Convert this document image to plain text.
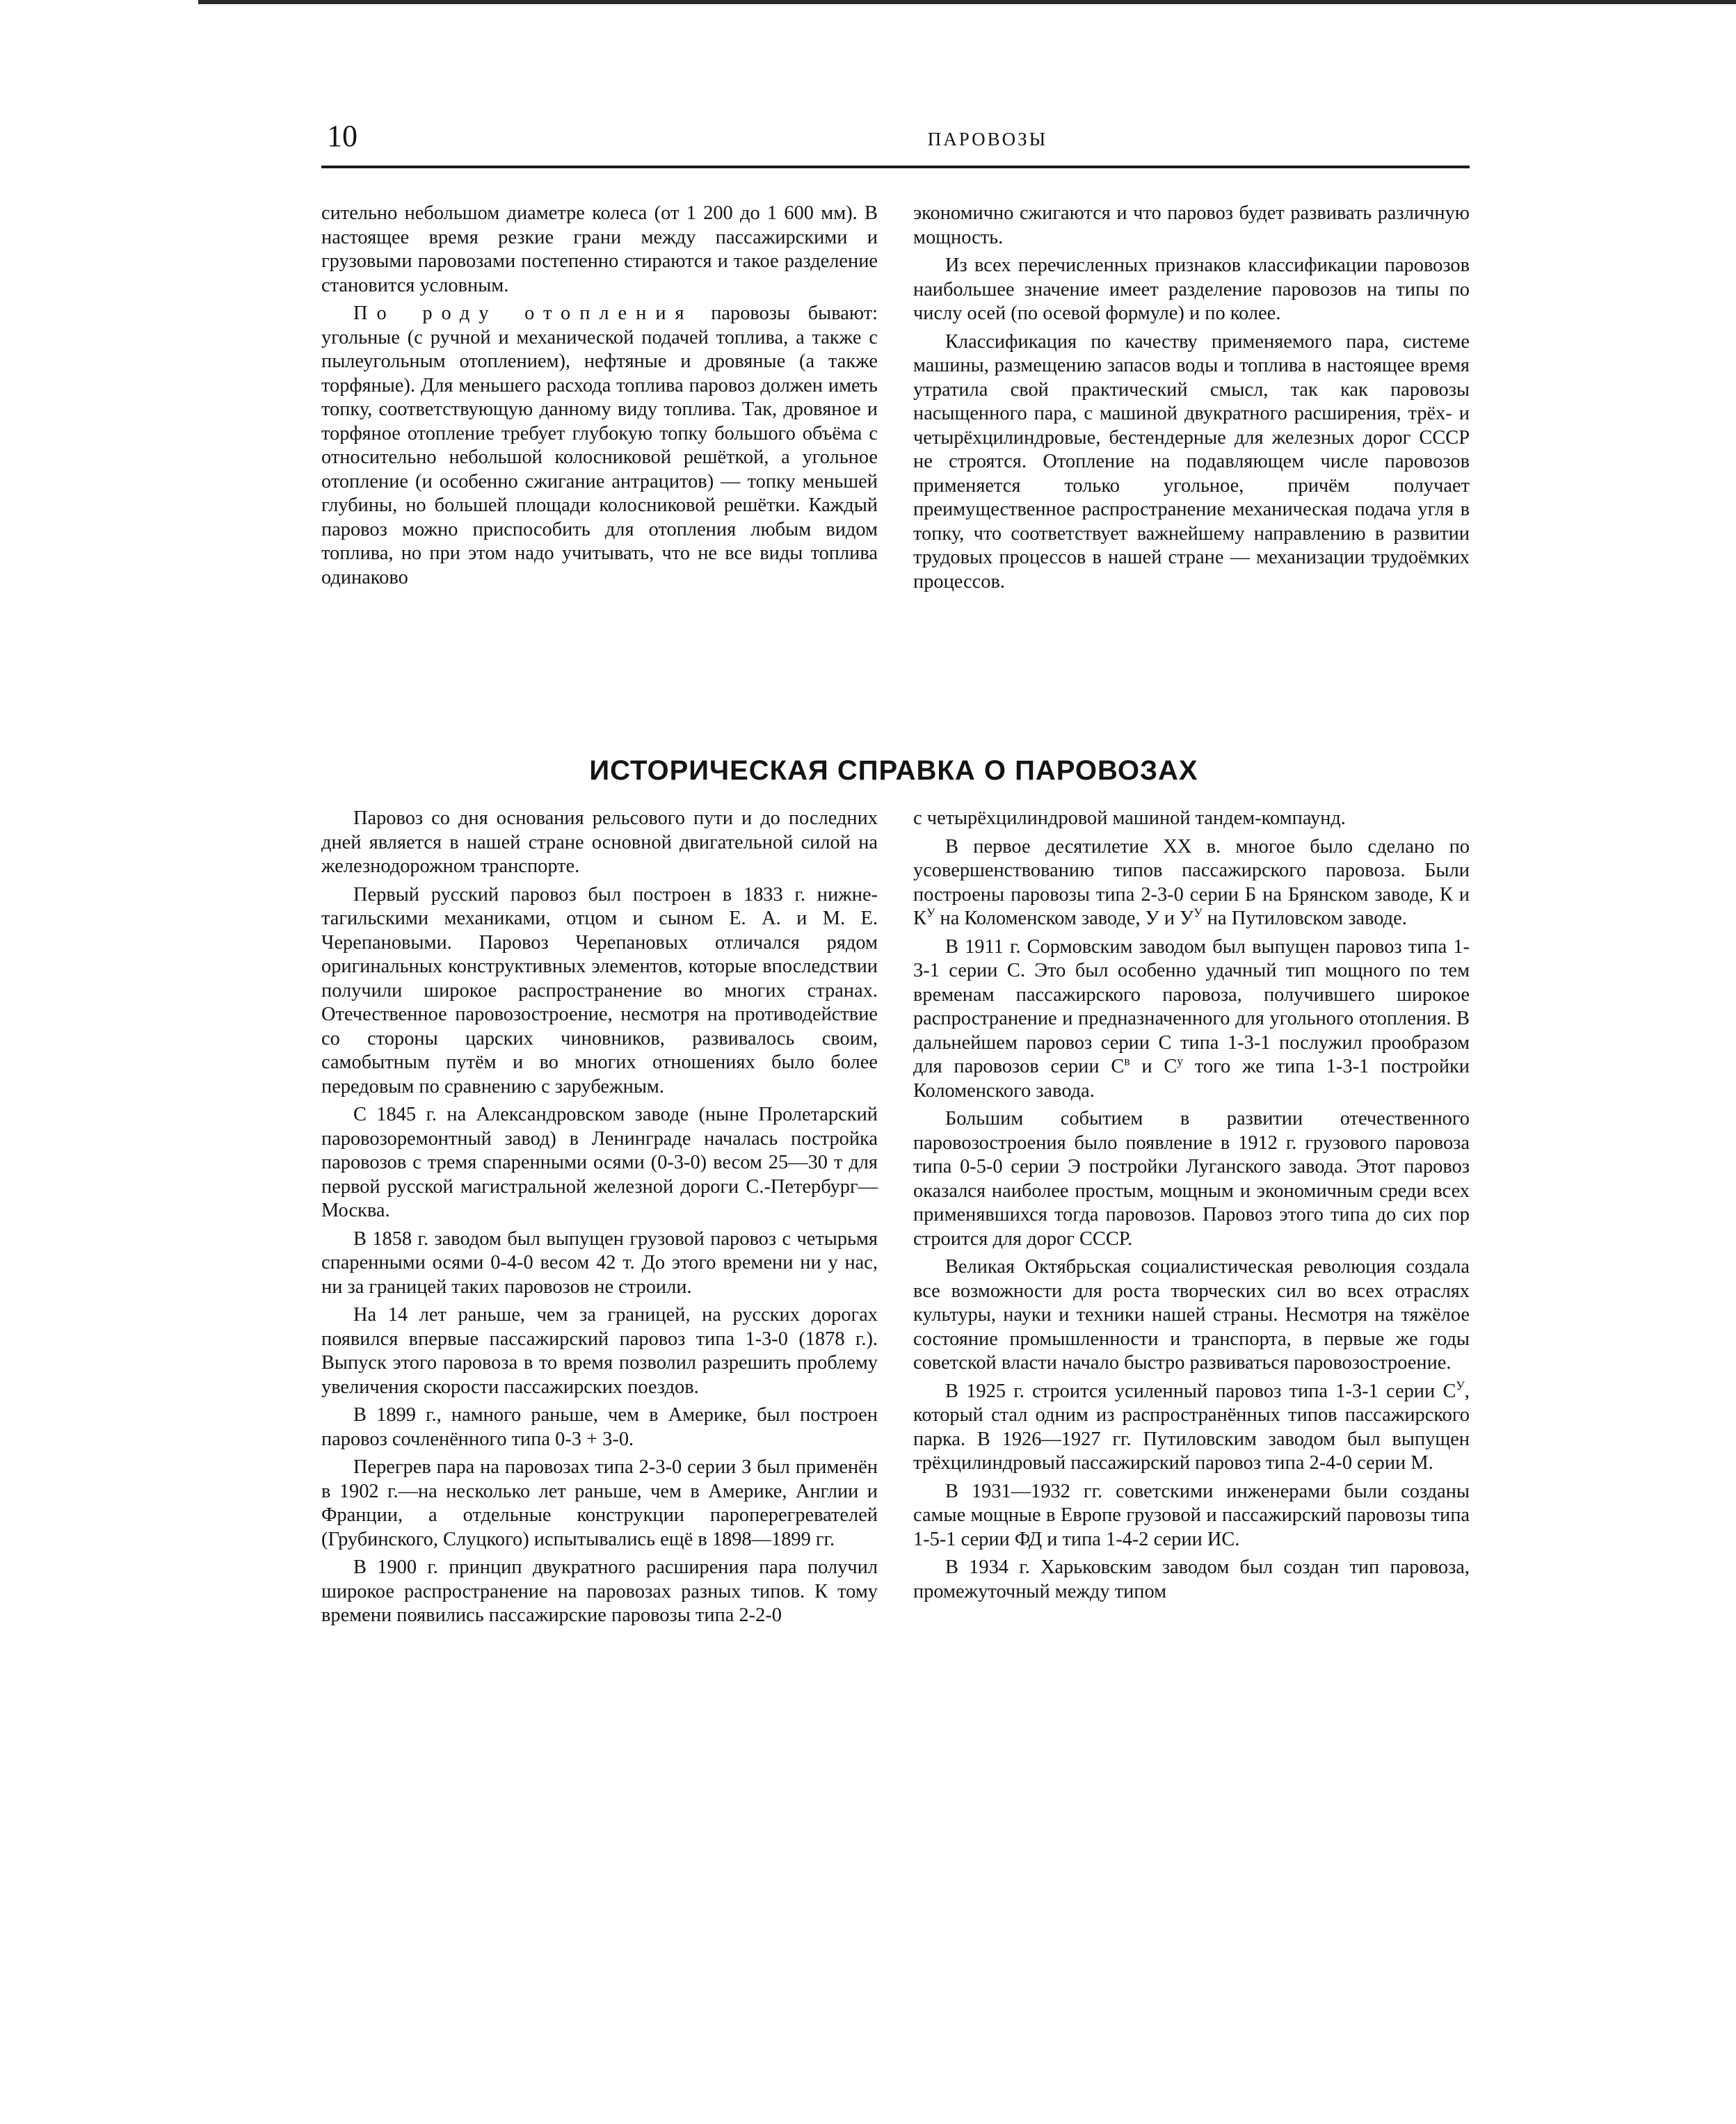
10	ПАРОВОЗЫ

сительно небольшом диаметре колеса (от 1 200 до 1 600 мм). В настоящее время резкие грани между пассажирскими и грузовыми паровозами постепенно стираются и такое разделение становится условным.

По роду отопления паровозы бывают: угольные (с ручной и механической подачей топлива, а также с пылеугольным отоплением), нефтяные и дровяные (а также торфяные). Для меньшего расхода топлива паровоз должен иметь топку, соответствующую данному виду топлива. Так, дровяное и торфяное отопление требует глубокую топку большого объёма с относительно небольшой колосниковой решёткой, а угольное отопление (и особенно сжигание антрацитов) — топку меньшей глубины, но большей площади колосниковой решётки. Каждый паровоз можно приспособить для отопления любым видом топлива, но при этом надо учитывать, что не все виды топлива одинаково

экономично сжигаются и что паровоз будет развивать различную мощность.

Из всех перечисленных признаков классификации паровозов наибольшее значение имеет разделение паровозов на типы по числу осей (по осевой формуле) и по колее.

Классификация по качеству применяемого пара, системе машины, размещению запасов воды и топлива в настоящее время утратила свой практический смысл, так как паровозы насыщенного пара, с машиной двукратного расширения, трёх- и четырёхцилиндровые, бестендерные для железных дорог СССР не строятся. Отопление на подавляющем числе паровозов применяется только угольное, причём получает преимущественное распространение механическая подача угля в топку, что соответствует важнейшему направлению в развитии трудовых процессов в нашей стране — механизации трудоёмких процессов.

ИСТОРИЧЕСКАЯ СПРАВКА О ПАРОВОЗАХ

Паровоз со дня основания рельсового пути и до последних дней является в нашей стране основной двигательной силой на железнодорожном транспорте.

Первый русский паровоз был построен в 1833 г. нижне-тагильскими механиками, отцом и сыном Е. А. и М. Е. Черепановыми. Паровоз Черепановых отличался рядом оригинальных конструктивных элементов, которые впоследствии получили широкое распространение во многих странах. Отечественное паровозостроение, несмотря на противодействие со стороны царских чиновников, развивалось своим, самобытным путём и во многих отношениях было более передовым по сравнению с зарубежным.

С 1845 г. на Александровском заводе (ныне Пролетарский паровозоремонтный завод) в Ленинграде началась постройка паровозов с тремя спаренными осями (0-3-0) весом 25—30 т для первой русской магистральной железной дороги С.-Петербург—Москва.

В 1858 г. заводом был выпущен грузовой паровоз с четырьмя спаренными осями 0-4-0 весом 42 т. До этого времени ни у нас, ни за границей таких паровозов не строили.

На 14 лет раньше, чем за границей, на русских дорогах появился впервые пассажирский паровоз типа 1-3-0 (1878 г.). Выпуск этого паровоза в то время позволил разрешить проблему увеличения скорости пассажирских поездов.

В 1899 г., намного раньше, чем в Америке, был построен паровоз сочленённого типа 0-3 + 3-0.

Перегрев пара на паровозах типа 2-3-0 серии З был применён в 1902 г.—на несколько лет раньше, чем в Америке, Англии и Франции, а отдельные конструкции пароперегревателей (Грубинского, Слуцкого) испытывались ещё в 1898—1899 гг.

В 1900 г. принцип двукратного расширения пара получил широкое распространение на паровозах разных типов. К тому времени появились пассажирские паровозы типа 2-2-0

с четырёхцилиндровой машиной тандем-компаунд.

В первое десятилетие XX в. многое было сделано по усовершенствованию типов пассажирского паровоза. Были построены паровозы типа 2-3-0 серии Б на Брянском заводе, К и $К^У$ на Коломенском заводе, У и $У^У$ на Путиловском заводе.

В 1911 г. Сормовским заводом был выпущен паровоз типа 1-3-1 серии С. Это был особенно удачный тип мощного по тем временам пассажирского паровоза, получившего широкое распространение и предназначенного для угольного отопления. В дальнейшем паровоз серии С типа 1-3-1 послужил прообразом для паровозов серии $С^в$ и $С^у$ того же типа 1-3-1 постройки Коломенского завода.

Большим событием в развитии отечественного паровозостроения было появление в 1912 г. грузового паровоза типа 0-5-0 серии Э постройки Луганского завода. Этот паровоз оказался наиболее простым, мощным и экономичным среди всех применявшихся тогда паровозов. Паровоз этого типа до сих пор строится для дорог СССР.

Великая Октябрьская социалистическая революция создала все возможности для роста творческих сил во всех отраслях культуры, науки и техники нашей страны. Несмотря на тяжёлое состояние промышленности и транспорта, в первые же годы советской власти начало быстро развиваться паровозостроение.

В 1925 г. строится усиленный паровоз типа 1-3-1 серии $С^У$, который стал одним из распространённых типов пассажирского парка. В 1926—1927 гг. Путиловским заводом был выпущен трёхцилиндровый пассажирский паровоз типа 2-4-0 серии М.

В 1931—1932 гг. советскими инженерами были созданы самые мощные в Европе грузовой и пассажирский паровозы типа 1-5-1 серии ФД и типа 1-4-2 серии ИС.

В 1934 г. Харьковским заводом был создан тип паровоза, промежуточный между типом
